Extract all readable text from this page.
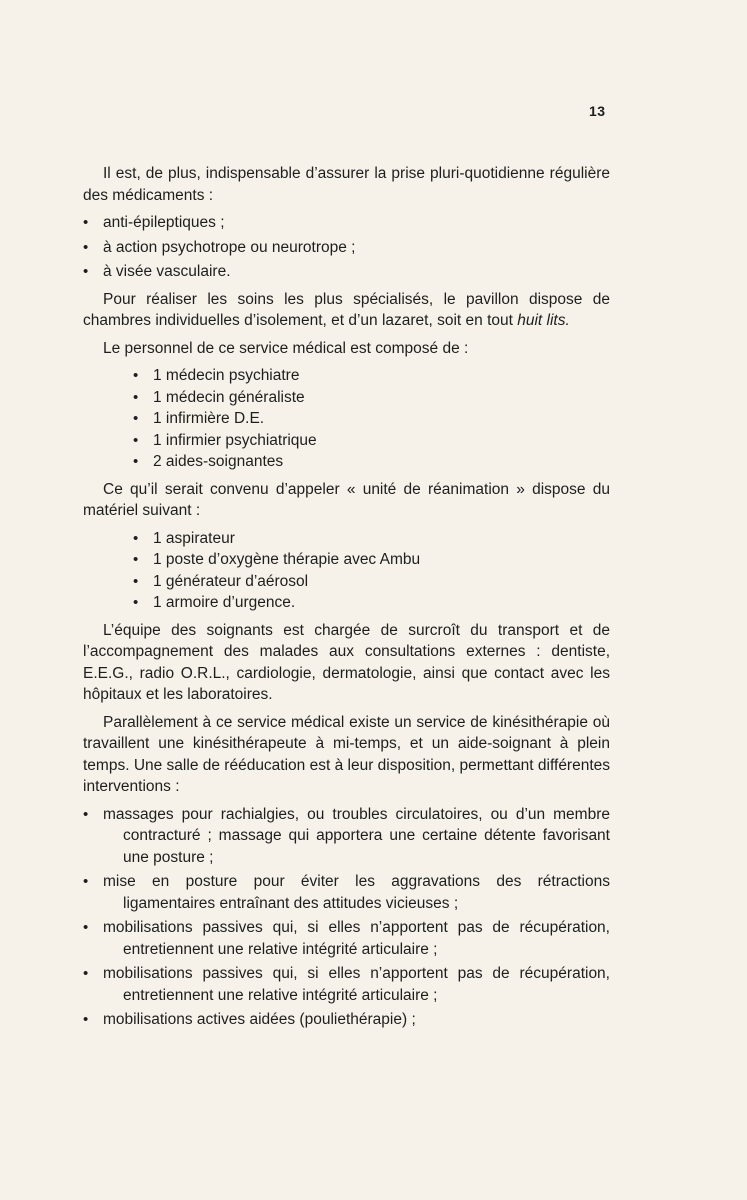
13

Il est, de plus, indispensable d’assurer la prise pluri-quotidienne régulière des médicaments :

• anti-épileptiques ;
• à action psychotrope ou neurotrope ;
• à visée vasculaire.

Pour réaliser les soins les plus spécialisés, le pavillon dispose de chambres individuelles d’isolement, et d’un lazaret, soit en tout huit lits.

Le personnel de ce service médical est composé de :

• 1 médecin psychiatre
• 1 médecin généraliste
• 1 infirmière D.E.
• 1 infirmier psychiatrique
• 2 aides-soignantes

Ce qu’il serait convenu d’appeler « unité de réanimation » dispose du matériel suivant :

• 1 aspirateur
• 1 poste d’oxygène thérapie avec Ambu
• 1 générateur d’aérosol
• 1 armoire d’urgence.

L’équipe des soignants est chargée de surcroît du transport et de l’accompagnement des malades aux consultations externes : dentiste, E.E.G., radio O.R.L., cardiologie, dermatologie, ainsi que contact avec les hôpitaux et les laboratoires.

Parallèlement à ce service médical existe un service de kinésithérapie où travaillent une kinésithérapeute à mi-temps, et un aide-soignant à plein temps. Une salle de rééducation est à leur disposition, permettant différentes interventions :

• massages pour rachialgies, ou troubles circulatoires, ou d’un membre contracturé ; massage qui apportera une certaine détente favorisant une posture ;
• mise en posture pour éviter les aggravations des rétractions ligamentaires entraînant des attitudes vicieuses ;
• mobilisations passives qui, si elles n’apportent pas de récupération, entretiennent une relative intégrité articulaire ;
• mobilisations passives qui, si elles n’apportent pas de récupération, entretiennent une relative intégrité articulaire ;
• mobilisations actives aidées (pouliethérapie) ;
